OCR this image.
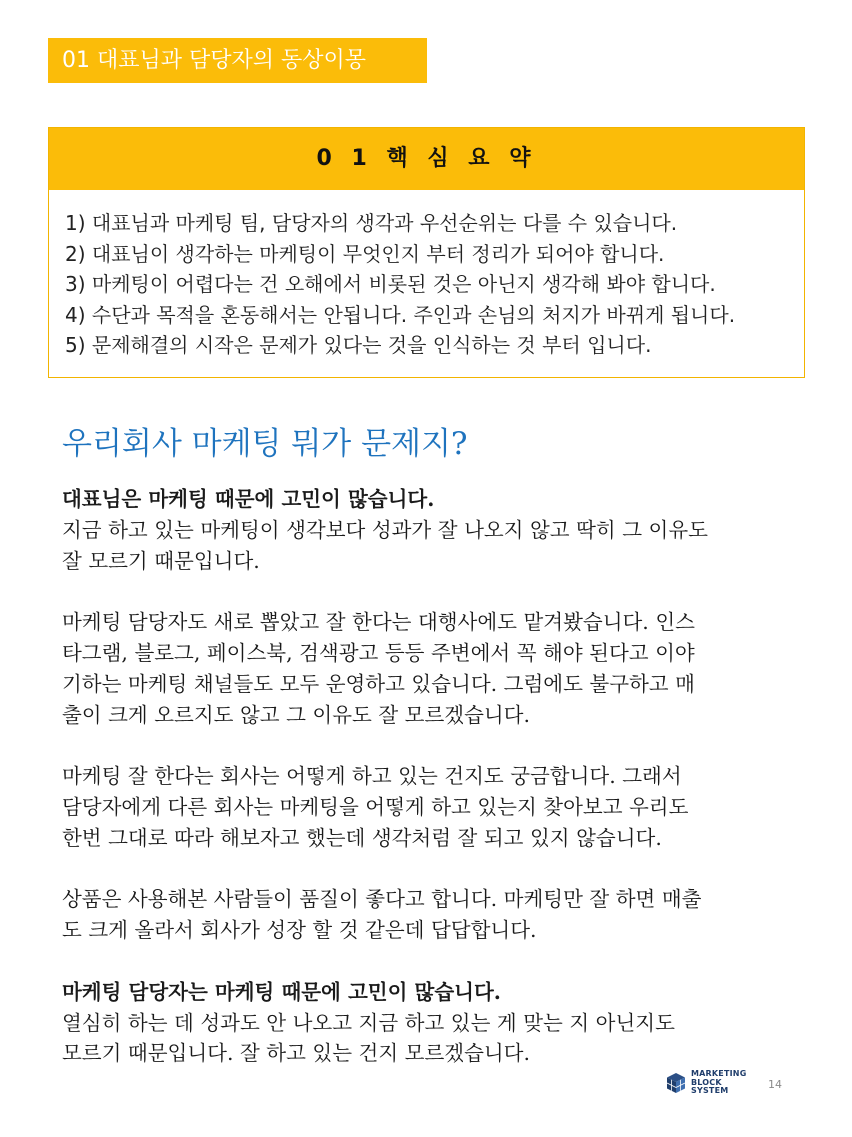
01 대표님과 담당자의 동상이몽
0 1 핵 심 요 약
1) 대표님과 마케팅 팀, 담당자의 생각과 우선순위는 다를 수 있습니다.
2) 대표님이 생각하는 마케팅이 무엇인지 부터 정리가 되어야 합니다.
3) 마케팅이 어렵다는 건 오해에서 비롯된 것은 아닌지 생각해 봐야 합니다.
4) 수단과 목적을 혼동해서는 안됩니다. 주인과 손님의 처지가 바뀌게 됩니다.
5) 문제해결의 시작은 문제가 있다는 것을 인식하는 것 부터 입니다.
우리회사 마케팅 뭐가 문제지?

대표님은 마케팅 때문에 고민이 많습니다.
지금 하고 있는 마케팅이 생각보다 성과가 잘 나오지 않고 딱히 그 이유도
잘 모르기 때문입니다.

마케팅 담당자도 새로 뽑았고 잘 한다는 대행사에도 맡겨봤습니다. 인스
타그램, 블로그, 페이스북, 검색광고 등등 주변에서 꼭 해야 된다고 이야
기하는 마케팅 채널들도 모두 운영하고 있습니다. 그럼에도 불구하고 매
출이 크게 오르지도 않고 그 이유도 잘 모르겠습니다.

마케팅 잘 한다는 회사는 어떻게 하고 있는 건지도 궁금합니다. 그래서
담당자에게 다른 회사는 마케팅을 어떻게 하고 있는지 찾아보고 우리도
한번 그대로 따라 해보자고 했는데 생각처럼 잘 되고 있지 않습니다.

상품은 사용해본 사람들이 품질이 좋다고 합니다. 마케팅만 잘 하면 매출
도 크게 올라서 회사가 성장 할 것 같은데 답답합니다.

마케팅 담당자는 마케팅 때문에 고민이 많습니다.
열심히 하는 데 성과도 안 나오고 지금 하고 있는 게 맞는 지 아닌지도
모르기 때문입니다. 잘 하고 있는 건지 모르겠습니다.

MARKETING
BLOCK
SYSTEM	14
